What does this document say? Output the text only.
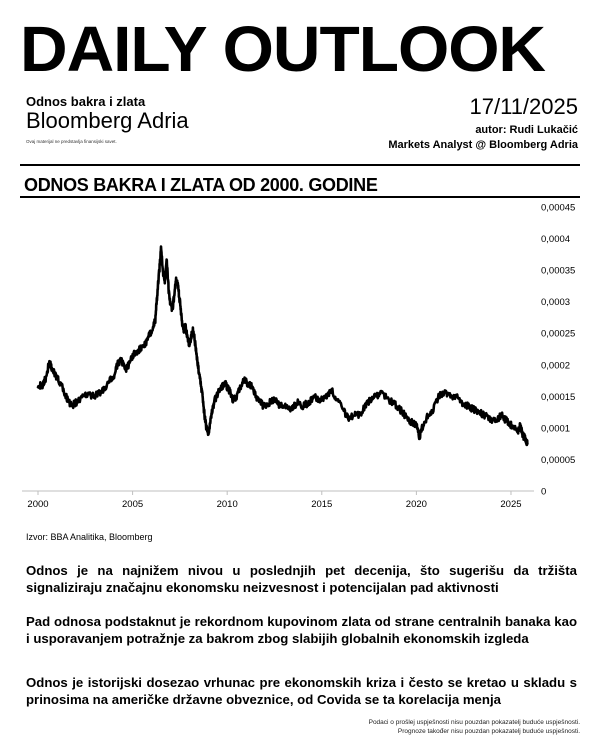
DAILY OUTLOOK
Odnos bakra i zlata
Bloomberg Adria
Ovaj materijal ne predstavlja finansijski savet.
17/11/2025
autor: Rudi Lukačić
Markets Analyst @ Bloomberg Adria
ODNOS BAKRA I ZLATA OD 2000. GODINE
2000	2005	2010	2015	2020	2025
0
0,00005
0,0001
0,00015
0,0002
0,00025
0,0003
0,00035
0,0004
0,00045
Izvor: BBA Analitika, Bloomberg
Odnos je na najnižem nivou u poslednjih pet decenija, što sugerišu da tržišta signaliziraju značajnu ekonomsku neizvesnost i potencijalan pad aktivnosti
Pad odnosa podstaknut je rekordnom kupovinom zlata od strane centralnih banaka kao i usporavanjem potražnje za bakrom zbog slabijih globalnih ekonomskih izgleda
Odnos je istorijski dosezao vrhunac pre ekonomskih kriza i često se kretao u skladu s prinosima na američke državne obveznice, od Covida se ta korelacija menja
Podaci o prošlej uspješnosti nisu pouzdan pokazatelj buduće uspješnosti.
Prognoze također nisu pouzdan pokazatelj buduće uspješnosti.
